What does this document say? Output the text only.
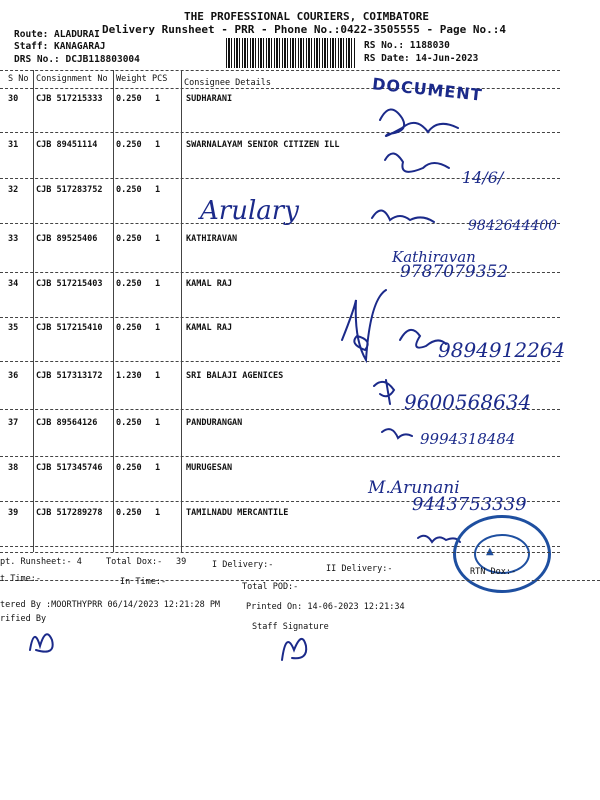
THE PROFESSIONAL COURIERS, COIMBATORE
Delivery Runsheet - PRR - Phone No.:0422-3505555 - Page No.:4
Route: ALADURAI
Staff: KANAGARAJ
DRS No.: DCJB118803004
RS No.: 1188030
RS Date: 14-Jun-2023
S No Consignment No Weight PCS Consignee Details
30 CJB 517215333 0.250 1	SUDHARANI
31 CJB 89451114 0.250 1	SWARNALAYAM SENIOR CITIZEN ILL
32 CJB 517283752 0.250 1
33 CJB 89525406 0.250 1	KATHIRAVAN
34 CJB 517215403 0.250 1	KAMAL RAJ
35 CJB 517215410 0.250 1	KAMAL RAJ
36 CJB 517313172 1.230 1	SRI BALAJI AGENICES
37 CJB 89564126 0.250 1	PANDURANGAN
38 CJB 517345746 0.250 1	MURUGESAN
39 CJB 517289278 0.250 1	TAMILNADU MERCANTILE
DOCUMENT
Arulary	9842644400
Kathiravan
9787079352
9894912264
9600568634
9994318484
M.Arunani
9443753339
14/6/
▲
pt. Runsheet:- 4	Total Dox:- 39	I Delivery:-	II Delivery:-	RTN Dox:-
t Time:-	In Time:-	Total POD:-
tered By :MOORTHYPRR 06/14/2023 12:21:28 PM	Printed On: 14-06-2023 12:21:34
rified By
Staff Signature
